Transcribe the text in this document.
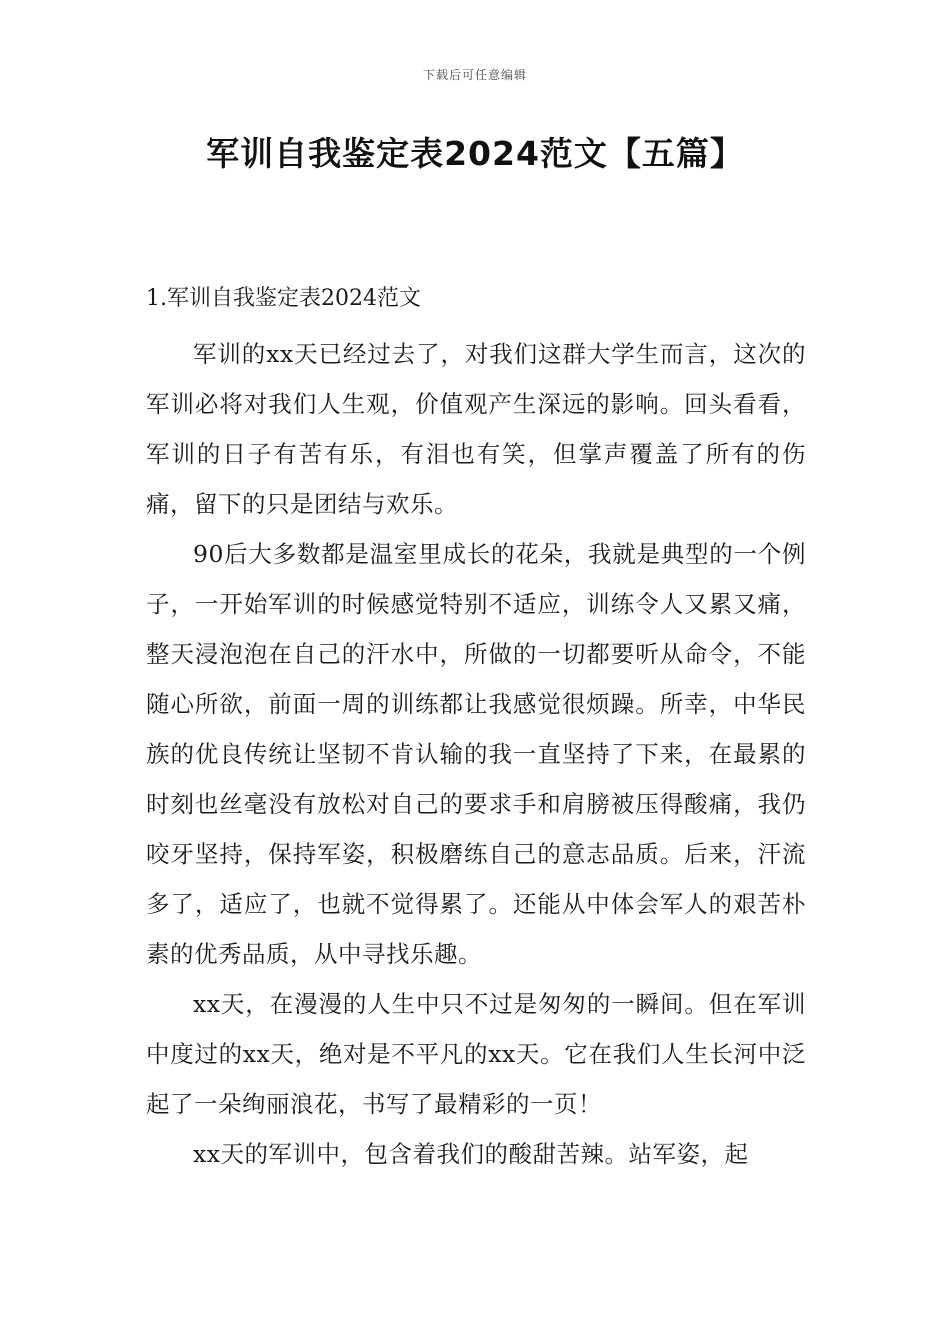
下载后可任意编辑
军训自我鉴定表2024范文【五篇】
1.军训自我鉴定表2024范文

军训的xx天已经过去了，对我们这群大学生而言，这次的军训必将对我们人生观，价值观产生深远的影响。回头看看，军训的日子有苦有乐，有泪也有笑，但掌声覆盖了所有的伤痛，留下的只是团结与欢乐。

90后大多数都是温室里成长的花朵，我就是典型的一个例子，一开始军训的时候感觉特别不适应，训练令人又累又痛，整天浸泡泡在自己的汗水中，所做的一切都要听从命令，不能随心所欲，前面一周的训练都让我感觉很烦躁。所幸，中华民族的优良传统让坚韧不肯认输的我一直坚持了下来，在最累的时刻也丝毫没有放松对自己的要求手和肩膀被压得酸痛，我仍咬牙坚持，保持军姿，积极磨练自己的意志品质。后来，汗流多了，适应了，也就不觉得累了。还能从中体会军人的艰苦朴素的优秀品质，从中寻找乐趣。

xx天，在漫漫的人生中只不过是匆匆的一瞬间。但在军训中度过的xx天，绝对是不平凡的xx天。它在我们人生长河中泛起了一朵绚丽浪花，书写了最精彩的一页！

xx天的军训中，包含着我们的酸甜苦辣。站军姿，起
